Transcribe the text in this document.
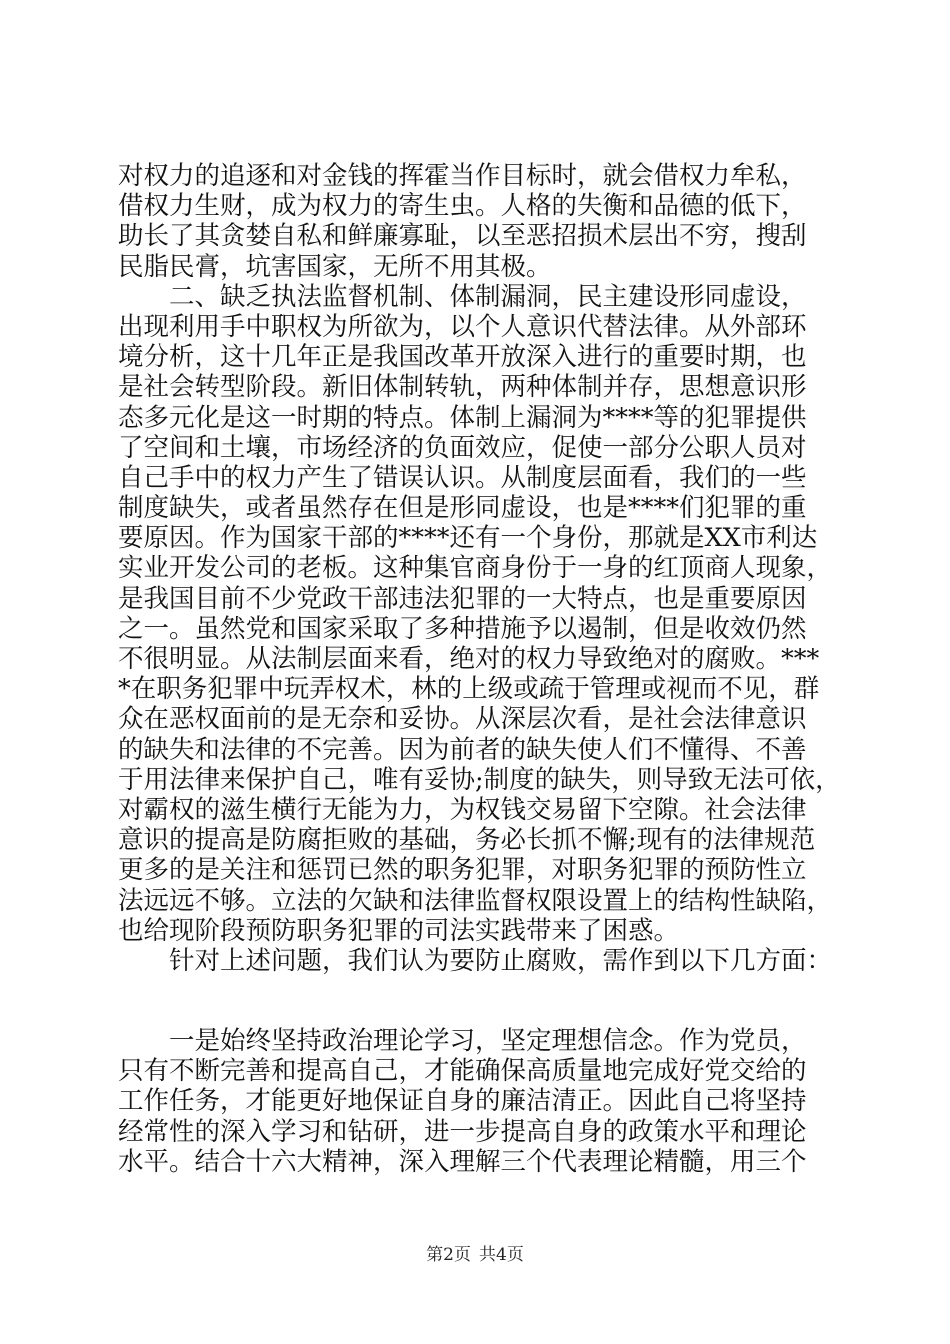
对权力的追逐和对金钱的挥霍当作目标时，就会借权力牟私，
借权力生财，成为权力的寄生虫。人格的失衡和品德的低下，
助长了其贪婪自私和鲜廉寡耻，以至恶招损术层出不穷，搜刮
民脂民膏，坑害国家，无所不用其极。
　　二、缺乏执法监督机制、体制漏洞，民主建设形同虚设，
出现利用手中职权为所欲为，以个人意识代替法律。从外部环
境分析，这十几年正是我国改革开放深入进行的重要时期，也
是社会转型阶段。新旧体制转轨，两种体制并存，思想意识形
态多元化是这一时期的特点。体制上漏洞为****等的犯罪提供
了空间和土壤，市场经济的负面效应，促使一部分公职人员对
自己手中的权力产生了错误认识。从制度层面看，我们的一些
制度缺失，或者虽然存在但是形同虚设，也是****们犯罪的重
要原因。作为国家干部的****还有一个身份，那就是XX市利达
实业开发公司的老板。这种集官商身份于一身的红顶商人现象，
是我国目前不少党政干部违法犯罪的一大特点，也是重要原因
之一。虽然党和国家采取了多种措施予以遏制，但是收效仍然
不很明显。从法制层面来看，绝对的权力导致绝对的腐败。***
*在职务犯罪中玩弄权术，林的上级或疏于管理或视而不见，群
众在恶权面前的是无奈和妥协。从深层次看，是社会法律意识
的缺失和法律的不完善。因为前者的缺失使人们不懂得、不善
于用法律来保护自己，唯有妥协;制度的缺失，则导致无法可依，
对霸权的滋生横行无能为力，为权钱交易留下空隙。社会法律
意识的提高是防腐拒败的基础，务必长抓不懈;现有的法律规范
更多的是关注和惩罚已然的职务犯罪，对职务犯罪的预防性立
法远远不够。立法的欠缺和法律监督权限设置上的结构性缺陷，
也给现阶段预防职务犯罪的司法实践带来了困惑。
　　针对上述问题，我们认为要防止腐败，需作到以下几方面：
　　一是始终坚持政治理论学习，坚定理想信念。作为党员，
只有不断完善和提高自己，才能确保高质量地完成好党交给的
工作任务，才能更好地保证自身的廉洁清正。因此自己将坚持
经常性的深入学习和钻研，进一步提高自身的政策水平和理论
水平。结合十六大精神，深入理解三个代表理论精髓，用三个
第2页 共4页
